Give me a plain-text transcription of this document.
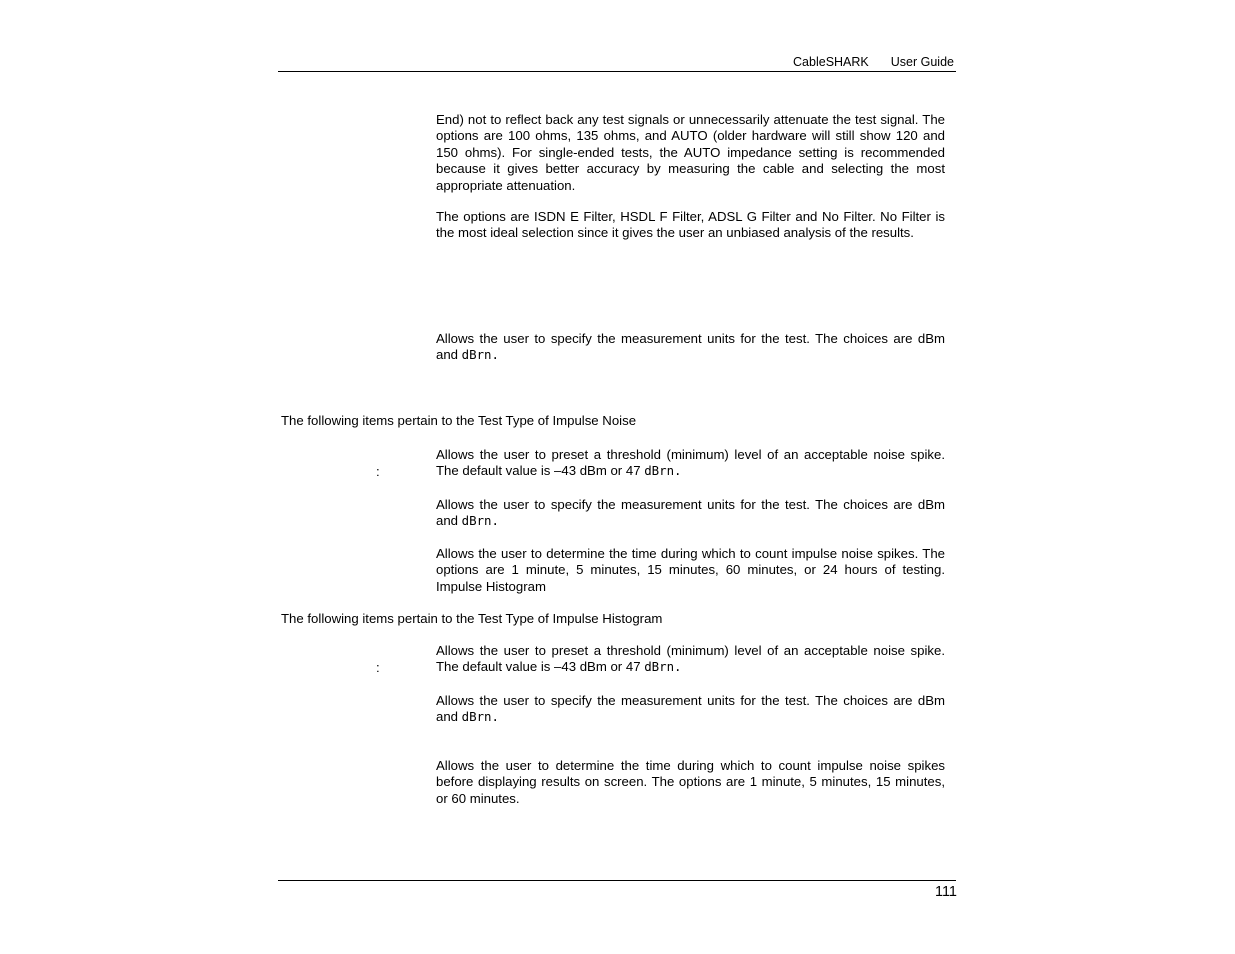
CableSHARK User Guide
End) not to reflect back any test signals or unnecessarily attenuate the test signal. The options are 100 ohms, 135 ohms, and AUTO (older hardware will still show 120 and 150 ohms). For single-ended tests, the AUTO impedance setting is recommended because it gives better accuracy by measuring the cable and selecting the most appropriate attenuation.
The options are ISDN E Filter, HSDL F Filter, ADSL G Filter and No Filter. No Filter is the most ideal selection since it gives the user an unbiased analysis of the results.
Allows the user to specify the measurement units for the test. The choices are dBm and dBrn.
The following items pertain to the Test Type of Impulse Noise
Allows the user to preset a threshold (minimum) level of an acceptable noise spike. The default value is –43 dBm or 47 dBrn.
:
Allows the user to specify the measurement units for the test. The choices are dBm and dBrn.
Allows the user to determine the time during which to count impulse noise spikes. The options are 1 minute, 5 minutes, 15 minutes, 60 minutes, or 24 hours of testing. Impulse Histogram
The following items pertain to the Test Type of Impulse Histogram
Allows the user to preset a threshold (minimum) level of an acceptable noise spike. The default value is –43 dBm or 47 dBrn.
:
Allows the user to specify the measurement units for the test. The choices are dBm and dBrn.
Allows the user to determine the time during which to count impulse noise spikes before displaying results on screen. The options are 1 minute, 5 minutes, 15 minutes, or 60 minutes.
111
